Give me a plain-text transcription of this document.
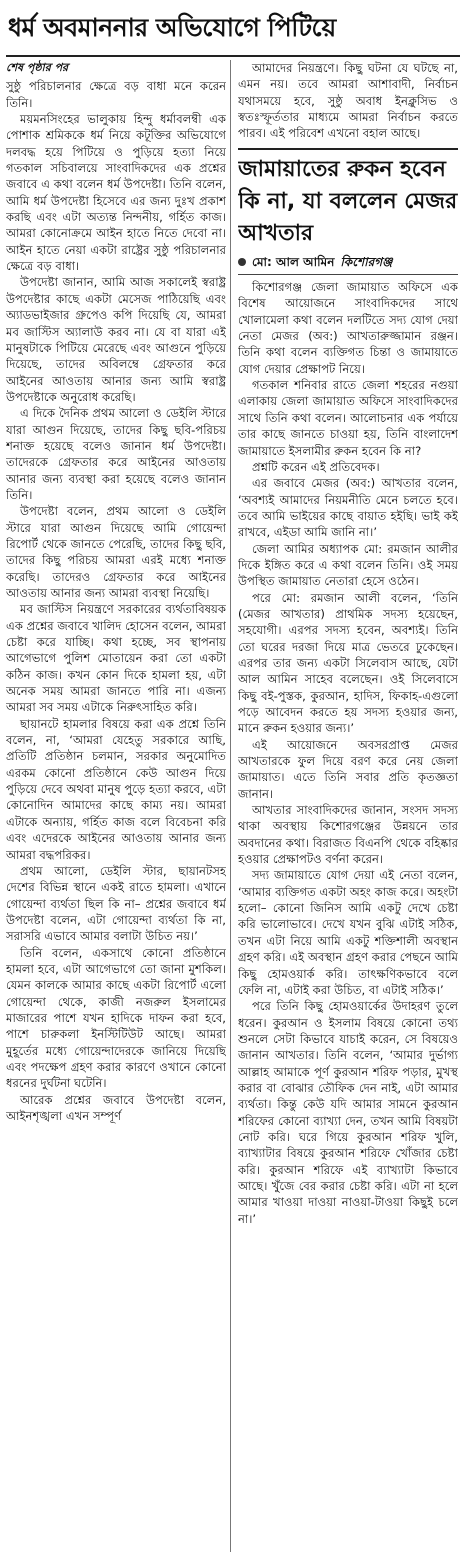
ধর্ম অবমাননার অভিযোগে পিটিয়ে
শেষ পৃষ্ঠার পর

সুষ্ঠু পরিচালনার ক্ষেত্রে বড় বাধা মনে করেন তিনি।

ময়মনসিংহের ভালুকায় হিন্দু ধর্মাবলম্বী এক পোশাক শ্রমিককে ধর্ম নিয়ে কটূক্তির অভিযোগে দলবদ্ধ হয়ে পিটিয়ে ও পুড়িয়ে হত্যা নিয়ে গতকাল সচিবালয়ে সাংবাদিকদের এক প্রশ্নের জবাবে এ কথা বলেন ধর্ম উপদেষ্টা। তিনি বলেন, আমি ধর্ম উপদেষ্টা হিসেবে এর জন্য দুঃখ প্রকাশ করছি এবং এটা অত্যন্ত নিন্দনীয়, গর্হিত কাজ। আমরা কোনোক্রমে আইন হাতে নিতে দেবো না। আইন হাতে নেয়া একটা রাষ্ট্রের সুষ্ঠু পরিচালনার ক্ষেত্রে বড় বাধা।

উপদেষ্টা জানান, আমি আজ সকালেই স্বরাষ্ট্র উপদেষ্টার কাছে একটা মেসেজ পাঠিয়েছি এবং অ্যাডভাইজার গ্রুপেও কপি দিয়েছি যে, আমরা মব জাস্টিস অ্যালাউ করব না। যে বা যারা এই মানুষটাকে পিটিয়ে মেরেছে এবং আগুনে পুড়িয়ে দিয়েছে, তাদের অবিলম্বে গ্রেফতার করে আইনের আওতায় আনার জন্য আমি স্বরাষ্ট্র উপদেষ্টাকে অনুরোধ করেছি।

এ দিকে দৈনিক প্রথম আলো ও ডেইলি স্টারে যারা আগুন দিয়েছে, তাদের কিছু ছবি-পরিচয় শনাক্ত হয়েছে বলেও জানান ধর্ম উপদেষ্টা। তাদেরকে গ্রেফতার করে আইনের আওতায় আনার জন্য ব্যবস্থা করা হয়েছে বলেও জানান তিনি।

উপদেষ্টা বলেন, প্রথম আলো ও ডেইলি স্টারে যারা আগুন দিয়েছে আমি গোয়েন্দা রিপোর্ট থেকে জানতে পেরেছি, তাদের কিছু ছবি, তাদের কিছু পরিচয় আমরা এরই মধ্যে শনাক্ত করেছি। তাদেরও গ্রেফতার করে আইনের আওতায় আনার জন্য আমরা ব্যবস্থা নিয়েছি।

মব জাস্টিস নিয়ন্ত্রণে সরকারের ব্যর্থতাবিষয়ক এক প্রশ্নের জবাবে খালিদ হোসেন বলেন, আমরা চেষ্টা করে যাচ্ছি। কথা হচ্ছে, সব স্থাপনায় আগেভাগে পুলিশ মোতায়েন করা তো একটা কঠিন কাজ। কখন কোন দিকে হামলা হয়, এটা অনেক সময় আমরা জানতে পারি না। এজন্য আমরা সব সময় এটাকে নিরুৎসাহিত করি।

ছায়ানটে হামলার বিষয়ে করা এক প্রশ্নে তিনি বলেন, না, ‘আমরা যেহেতু সরকারে আছি, প্রতিটি প্রতিষ্ঠান চলমান, সরকার অনুমোদিত এরকম কোনো প্রতিষ্ঠানে কেউ আগুন দিয়ে পুড়িয়ে দেবে অথবা মানুষ পুড়ে হত্যা করবে, এটা কোনোদিন আমাদের কাছে কাম্য নয়। আমরা এটাকে অন্যায়, গর্হিত কাজ বলে বিবেচনা করি এবং এদেরকে আইনের আওতায় আনার জন্য আমরা বদ্ধপরিকর।

প্রথম আলো, ডেইলি স্টার, ছায়ানটসহ দেশের বিভিন্ন স্থানে একই রাতে হামলা। এখানে গোয়েন্দা ব্যর্থতা ছিল কি না– প্রশ্নের জবাবে ধর্ম উপদেষ্টা বলেন, এটা গোয়েন্দা ব্যর্থতা কি না, সরাসরি এভাবে আমার বলাটা উচিত নয়।’

তিনি বলেন, একসাথে কোনো প্রতিষ্ঠানে হামলা হবে, এটা আগেভাগে তো জানা মুশকিল। যেমন কালকে আমার কাছে একটা রিপোর্ট এলো গোয়েন্দা থেকে, কাজী নজরুল ইসলামের মাজারের পাশে যখন হাদিকে দাফন করা হবে, পাশে চারুকলা ইনস্টিটিউট আছে। আমরা মুহূর্তের মধ্যে গোয়েন্দাদেরকে জানিয়ে দিয়েছি এবং পদক্ষেপ গ্রহণ করার কারণে ওখানে কোনো ধরনের দুর্ঘটনা ঘটেনি।

আরেক প্রশ্নের জবাবে উপদেষ্টা বলেন, আইনশৃঙ্খলা এখন সম্পূর্ণ

আমাদের নিয়ন্ত্রণে। কিছু ঘটনা যে ঘটছে না, এমন নয়। তবে আমরা আশাবাদী, নির্বাচন যথাসময়ে হবে, সুষ্ঠু অবাধ ইনক্লুসিভ ও স্বতঃস্ফূর্ততার মাধ্যমে আমরা নির্বাচন করতে পারব। এই পরিবেশ এখনো বহাল আছে।

জামায়াতের রুকন হবেন কি না, যা বললেন মেজর আখতার
মো: আল আমিন কিশোরগঞ্জ

কিশোরগঞ্জ জেলা জামায়াত অফিসে এক বিশেষ আয়োজনে সাংবাদিকদের সাথে খোলামেলা কথা বলেন দলটিতে সদ্য যোগ দেয়া নেতা মেজর (অব:) আখতারুজ্জামান রঞ্জন। তিনি কথা বলেন ব্যক্তিগত চিন্তা ও জামায়াতে যোগ দেয়ার প্রেক্ষাপট নিয়ে।

গতকাল শনিবার রাতে জেলা শহরের নগুয়া এলাকায় জেলা জামায়াত অফিসে সাংবাদিকদের সাথে তিনি কথা বলেন। আলোচনার এক পর্যায়ে তার কাছে জানতে চাওয়া হয়, তিনি বাংলাদেশ জামায়াতে ইসলামীর রুকন হবেন কি না?

প্রশ্নটি করেন এই প্রতিবেদক।

এর জবাবে মেজর (অব:) আখতার বলেন, ‘অবশ্যই আমাদের নিয়মনীতি মেনে চলতে হবে। তবে আমি ভাইয়ের কাছে বায়াত হইছি। ভাই কই রাখবে, এইডা আমি জানি না।’

জেলা আমির অধ্যাপক মো: রমজান আলীর দিকে ইঙ্গিত করে এ কথা বলেন তিনি। ওই সময় উপস্থিত জামায়াত নেতারা হেসে ওঠেন।

পরে মো: রমজান আলী বলেন, ‘তিনি (মেজর আখতার) প্রাথমিক সদস্য হয়েছেন, সহযোগী। এরপর সদস্য হবেন, অবশ্যই। তিনি তো ঘরের দরজা দিয়ে মাত্র ভেতরে ঢুকেছেন। এরপর তার জন্য একটা সিলেবাস আছে, যেটা আল আমিন সাহেব বলেছেন। ওই সিলেবাসে কিছু বই-পুস্তক, কুরআন, হাদিস, ফিকাহ-এগুলো পড়ে আবেদন করতে হয় সদস্য হওয়ার জন্য, মানে রুকন হওয়ার জন্য।’

এই আয়োজনে অবসরপ্রাপ্ত মেজর আখতারকে ফুল দিয়ে বরণ করে নেয় জেলা জামায়াত। এতে তিনি সবার প্রতি কৃতজ্ঞতা জানান।

আখতার সাংবাদিকদের জানান, সংসদ সদস্য থাকা অবস্থায় কিশোরগঞ্জের উন্নয়নে তার অবদানের কথা। বিরাজত বিএনপি থেকে বহিষ্কার হওয়ার প্রেক্ষাপটও বর্ণনা করেন।

সদ্য জামায়াতে যোগ দেয়া এই নেতা বলেন, ‘আমার ব্যক্তিগত একটা অহং কাজ করে। অহংটা হলো– কোনো জিনিস আমি একটু দেখে চেষ্টা করি ভালোভাবে। দেখে যখন বুঝি এটাই সঠিক, তখন এটা নিয়ে আমি একটু শক্তিশালী অবস্থান গ্রহণ করি। এই অবস্থান গ্রহণ করার পেছনে আমি কিছু হোমওয়ার্ক করি। তাৎক্ষণিকভাবে বলে ফেলি না, এটাই করা উচিত, বা এটাই সঠিক।’

পরে তিনি কিছু হোমওয়ার্কের উদাহরণ তুলে ধরেন। কুরআন ও ইসলাম বিষয়ে কোনো তথ্য শুনলে সেটা কিভাবে যাচাই করেন, সে বিষয়েও জানান আখতার। তিনি বলেন, ‘আমার দুর্ভাগ্য আল্লাহ আমাকে পূর্ণ কুরআন শরিফ পড়ার, মুখস্থ করার বা বোঝার তৌফিক দেন নাই, এটা আমার ব্যর্থতা। কিন্তু কেউ যদি আমার সামনে কুরআন শরিফের কোনো ব্যাখ্যা দেন, তখন আমি বিষয়টা নোট করি। ঘরে গিয়ে কুরআন শরিফ খুলি, ব্যাখ্যাটার বিষয়ে কুরআন শরিফে খোঁজার চেষ্টা করি। কুরআন শরিফে এই ব্যাখ্যাটা কিভাবে আছে। খুঁজে বের করার চেষ্টা করি। এটা না হলে আমার খাওয়া দাওয়া নাওয়া-টাওয়া কিছুই চলে না।’
